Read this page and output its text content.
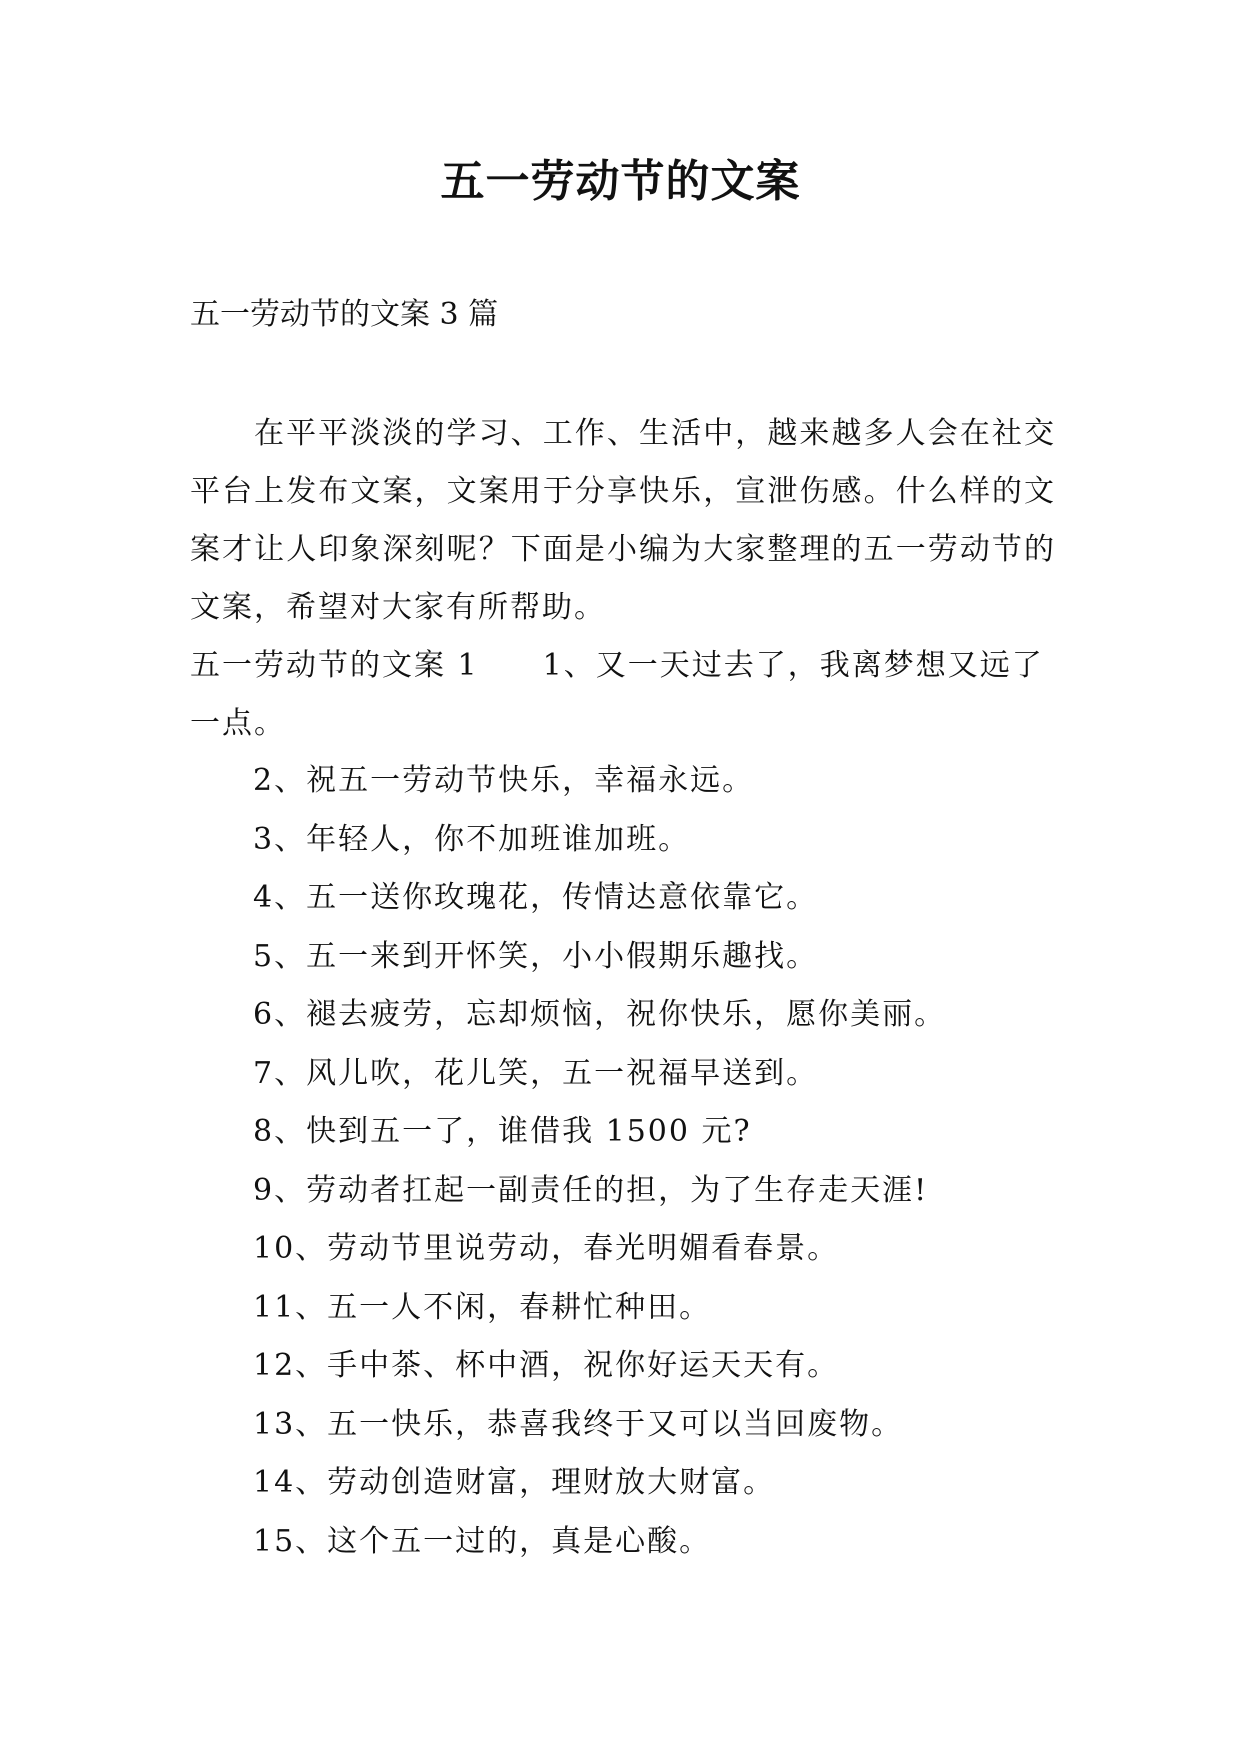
五一劳动节的文案
五一劳动节的文案 3 篇

在平平淡淡的学习、工作、生活中，越来越多人会在社交平台上发布文案，文案用于分享快乐，宣泄伤感。什么样的文案才让人印象深刻呢？下面是小编为大家整理的五一劳动节的文案，希望对大家有所帮助。

五一劳动节的文案 1 1、又一天过去了，我离梦想又远了一点。

2、祝五一劳动节快乐，幸福永远。
3、年轻人，你不加班谁加班。
4、五一送你玫瑰花，传情达意依靠它。
5、五一来到开怀笑，小小假期乐趣找。
6、褪去疲劳，忘却烦恼，祝你快乐，愿你美丽。
7、风儿吹，花儿笑，五一祝福早送到。
8、快到五一了，谁借我 1500 元?
9、劳动者扛起一副责任的担，为了生存走天涯!
10、劳动节里说劳动，春光明媚看春景。
11、五一人不闲，春耕忙种田。
12、手中茶、杯中酒，祝你好运天天有。
13、五一快乐，恭喜我终于又可以当回废物。
14、劳动创造财富，理财放大财富。
15、这个五一过的，真是心酸。
